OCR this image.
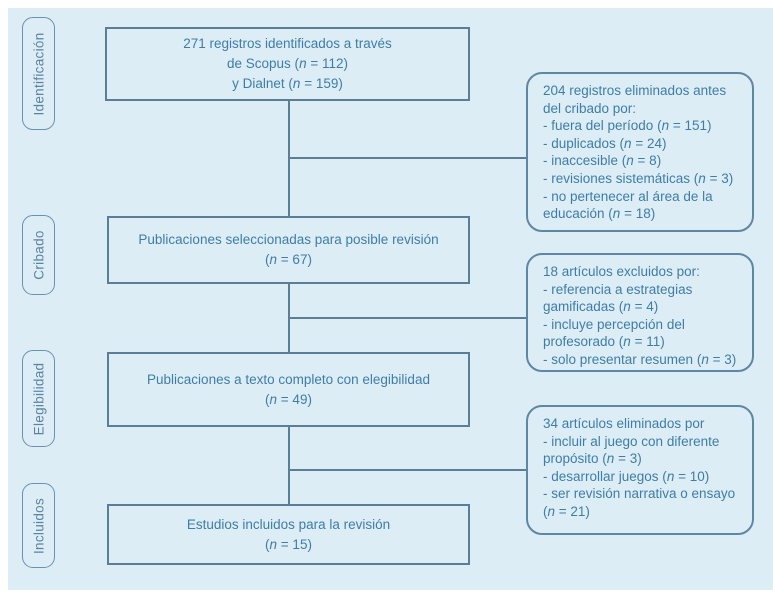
Identificación
Cribado
Elegibilidad
Incluidos
271 registros identificados a través
de Scopus (n = 112)
y Dialnet (n = 159)
Publicaciones seleccionadas para posible revisión
(n = 67)
Publicaciones a texto completo con elegibilidad
(n = 49)
Estudios incluidos para la revisión
(n = 15)
204 registros eliminados antes
del cribado por:
- fuera del período (n = 151)
- duplicados (n = 24)
- inaccesible (n = 8)
- revisiones sistemáticas (n = 3)
- no pertenecer al área de la
educación (n = 18)
18 artículos excluidos por:
- referencia a estrategias
gamificadas (n = 4)
- incluye percepción del
profesorado (n = 11)
- solo presentar resumen (n = 3)
34 artículos eliminados por
- incluir al juego con diferente
propósito (n = 3)
- desarrollar juegos (n = 10)
- ser revisión narrativa o ensayo
(n = 21)
